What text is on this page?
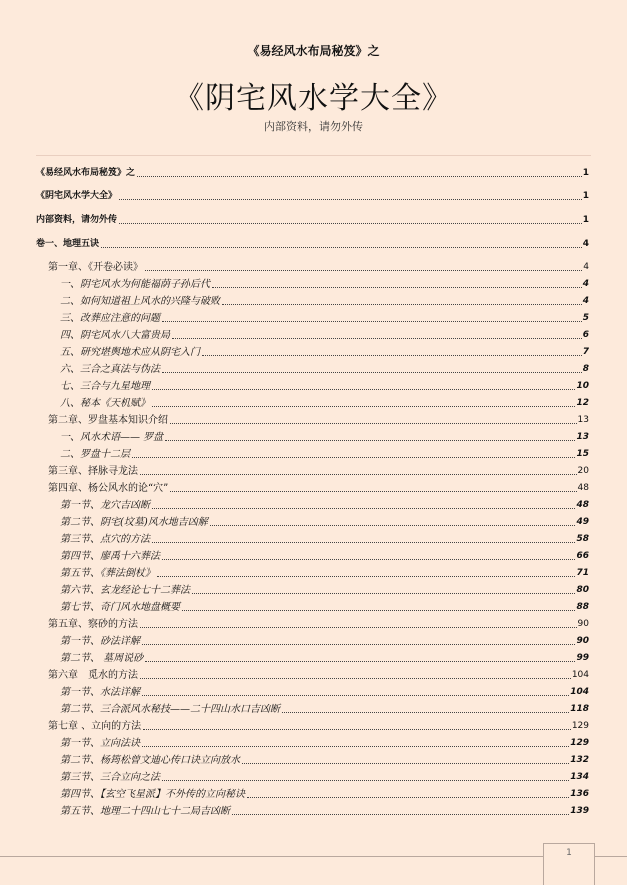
《易经风水布局秘笈》之
《阴宅风水学大全》
内部资料，请勿外传
《易经风水布局秘笈》之	1
《阴宅风水学大全》	1
内部资料，请勿外传	1
卷一、地理五诀	4
第一章、《开卷必读》	4
一、阴宅风水为何能福荫子孙后代	4
二、如何知道祖上风水的兴隆与破败	4
三、改葬应注意的问题	5
四、阴宅风水八大富贵局	6
五、研究堪舆地术应从阴宅入门	7
六、三合之真法与伪法	8
七、三合与九星地理	10
八、秘本《天机赋》	12
第二章、罗盘基本知识介绍	13
一、风水术语—— 罗盘	13
二、罗盘十二层	15
第三章、择脉寻龙法	20
第四章、杨公风水的论“穴”	48
第一节、龙穴吉凶断	48
第二节、阴宅(坟墓)风水地吉凶解	49
第三节、点穴的方法	58
第四节、廖禹十六葬法	66
第五节、《葬法倒杖》	71
第六节、玄龙经论七十二葬法	80
第七节、奇门风水地盘概要	88
第五章、察砂的方法	90
第一节、砂法详解	90
第二节、 墓周说砂	99
第六章　觅水的方法	104
第一节、水法详解	104
第二节、三合派风水秘技——二十四山水口吉凶断	118
第七章 、立向的方法	129
第一节、立向法诀	129
第二节、杨筠松曾文迪心传口诀立向放水	132
第三节、三合立向之法	134
第四节、【玄空飞星派】不外传的立向秘诀	136
第五节、地理二十四山七十二局吉凶断	139
1
